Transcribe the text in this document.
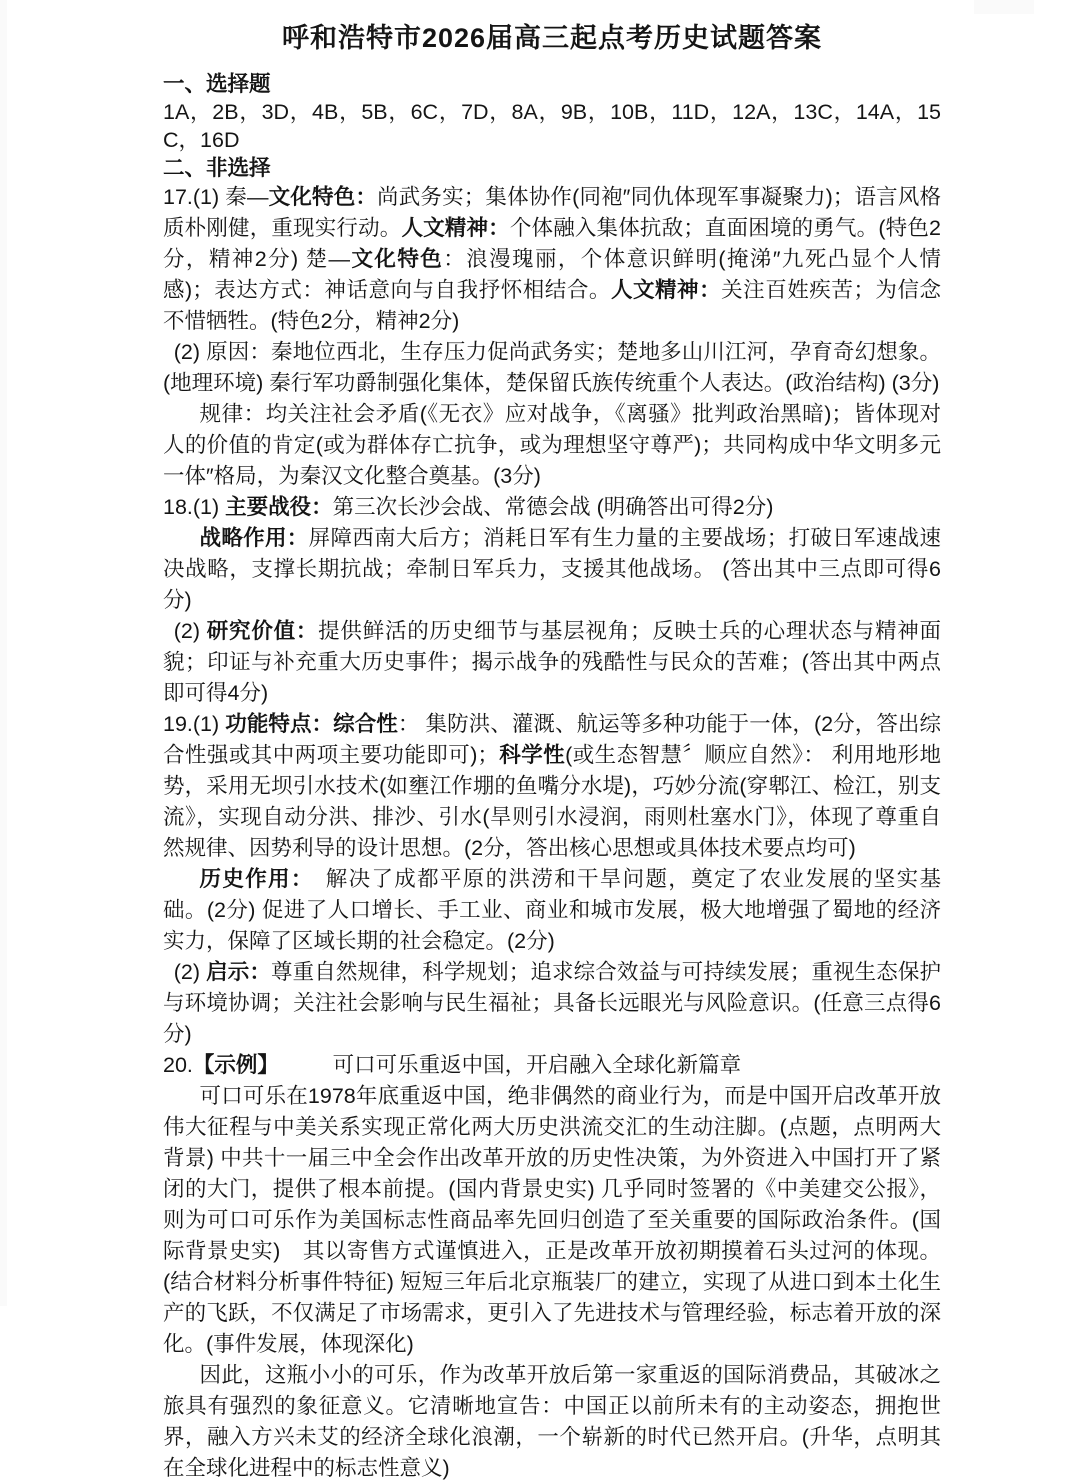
呼和浩特市2026届高三起点考历史试题答案

一、选择题

1A，2B，3D，4B，5B，6C，7D，8A，9B，10B，11D，12A，13C，14A，15C，16D

二、非选择

17.(1) 秦—文化特色：尚武务实；集体协作(同袍″同仇体现军事凝聚力)；语言风格质朴刚健，重现实行动。人文精神：个体融入集体抗敌；直面困境的勇气。(特色2分，精神2分) 楚—文化特色：浪漫瑰丽，个体意识鲜明(掩涕″九死凸显个人情感)；表达方式：神话意向与自我抒怀相结合。人文精神：关注百姓疾苦；为信念不惜牺牲。(特色2分，精神2分)

(2) 原因：秦地位西北，生存压力促尚武务实；楚地多山川江河，孕育奇幻想象。(地理环境) 秦行军功爵制强化集体，楚保留氏族传统重个人表达。(政治结构) (3分)

规律：均关注社会矛盾(《无衣》应对战争，《离骚》批判政治黑暗)；皆体现对人的价值的肯定(或为群体存亡抗争，或为理想坚守尊严)；共同构成中华文明多元一体″格局，为秦汉文化整合奠基。(3分)

18.(1) 主要战役：第三次长沙会战、常德会战 (明确答出可得2分)

战略作用：屏障西南大后方；消耗日军有生力量的主要战场；打破日军速战速决战略，支撑长期抗战；牵制日军兵力，支援其他战场。 (答出其中三点即可得6分)

(2) 研究价值：提供鲜活的历史细节与基层视角；反映士兵的心理状态与精神面貌；印证与补充重大历史事件；揭示战争的残酷性与民众的苦难；(答出其中两点即可得4分)

19.(1) 功能特点：综合性： 集防洪、灌溉、航运等多种功能于一体，(2分，答出综合性强或其中两项主要功能即可)；科学性(或生态智慧〞顺应自然》： 利用地形地势，采用无坝引水技术(如壅江作堋的鱼嘴分水堤)，巧妙分流(穿郫江、检江，别支流》，实现自动分洪、排沙、引水(旱则引水浸润，雨则杜塞水门》，体现了尊重自然规律、因势利导的设计思想。(2分，答出核心思想或具体技术要点均可)

历史作用：　解决了成都平原的洪涝和干旱问题，奠定了农业发展的坚实基础。(2分) 促进了人口增长、手工业、商业和城市发展，极大地增强了蜀地的经济实力，保障了区域长期的社会稳定。(2分)

(2) 启示：尊重自然规律，科学规划；追求综合效益与可持续发展；重视生态保护与环境协调；关注社会影响与民生福祉；具备长远眼光与风险意识。(任意三点得6分)

20.【示例】　　　可口可乐重返中国，开启融入全球化新篇章

可口可乐在1978年底重返中国，绝非偶然的商业行为，而是中国开启改革开放伟大征程与中美关系实现正常化两大历史洪流交汇的生动注脚。(点题，点明两大背景) 中共十一届三中全会作出改革开放的历史性决策，为外资进入中国打开了紧闭的大门，提供了根本前提。(国内背景史实) 几乎同时签署的《中美建交公报》，则为可口可乐作为美国标志性商品率先回归创造了至关重要的国际政治条件。(国际背景史实)　其以寄售方式谨慎进入，正是改革开放初期摸着石头过河的体现。(结合材料分析事件特征) 短短三年后北京瓶装厂的建立，实现了从进口到本土化生产的飞跃，不仅满足了市场需求，更引入了先进技术与管理经验，标志着开放的深化。(事件发展，体现深化)

因此，这瓶小小的可乐，作为改革开放后第一家重返的国际消费品，其破冰之旅具有强烈的象征意义。它清晰地宣告：中国正以前所未有的主动姿态，拥抱世界，融入方兴未艾的经济全球化浪潮，一个崭新的时代已然开启。(升华，点明其在全球化进程中的标志性意义)
